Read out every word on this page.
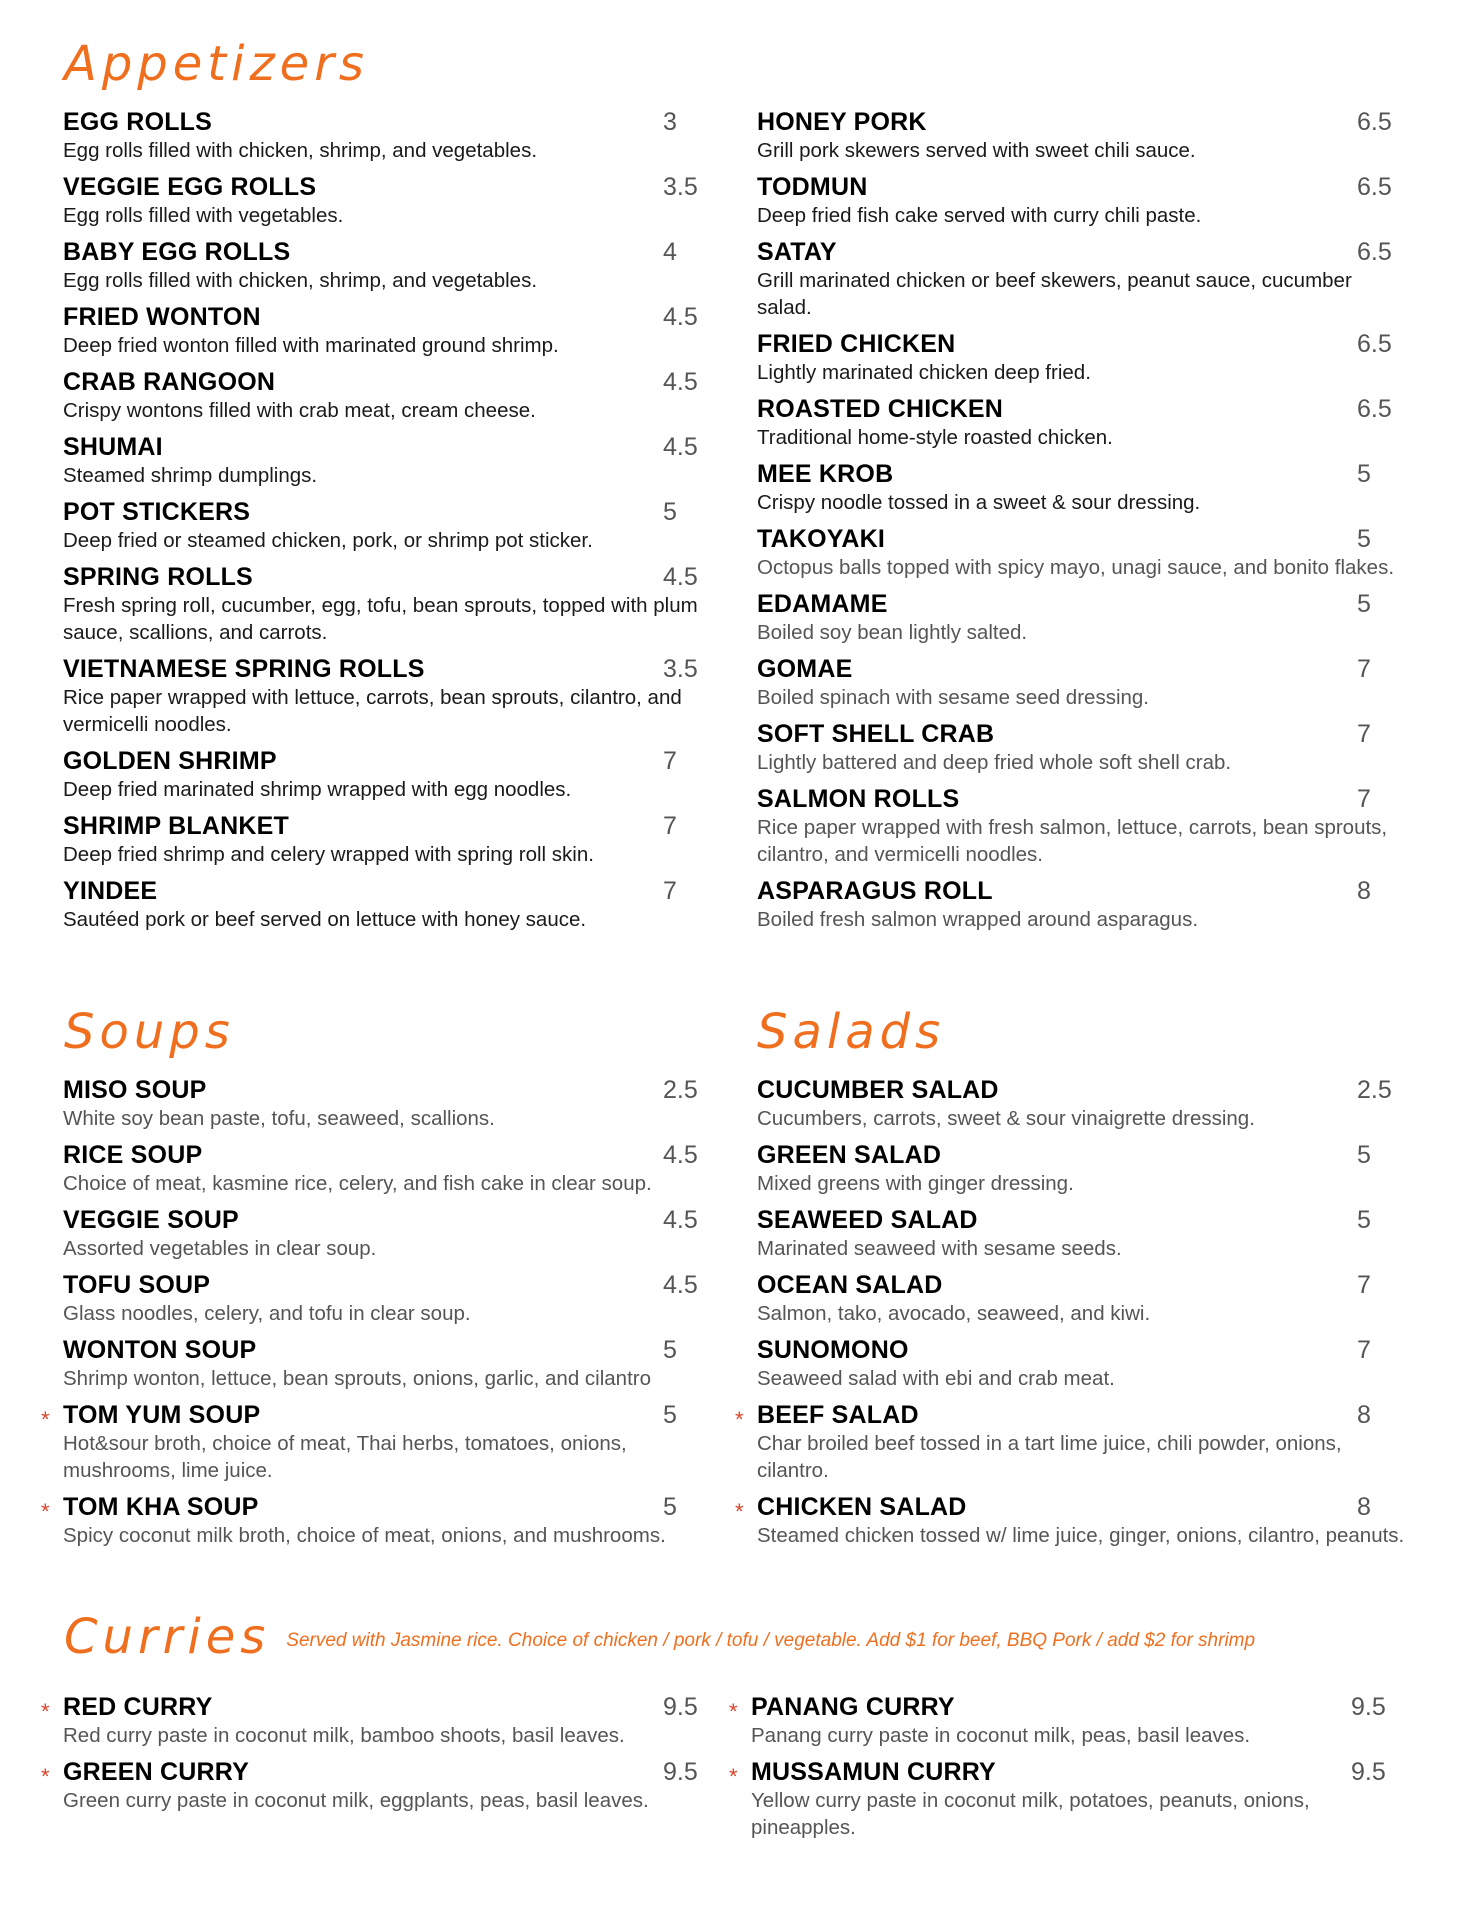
Appetizers
EGG ROLLS	3
Egg rolls filled with chicken, shrimp, and vegetables.
VEGGIE EGG ROLLS	3.5
Egg rolls filled with vegetables.
BABY EGG ROLLS	4
Egg rolls filled with chicken, shrimp, and vegetables.
FRIED WONTON	4.5
Deep fried wonton filled with marinated ground shrimp.
CRAB RANGOON	4.5
Crispy wontons filled with crab meat, cream cheese.
SHUMAI	4.5
Steamed shrimp dumplings.
POT STICKERS	5
Deep fried or steamed chicken, pork, or shrimp pot sticker.
SPRING ROLLS	4.5
Fresh spring roll, cucumber, egg, tofu, bean sprouts, topped with plum sauce, scallions, and carrots.
VIETNAMESE SPRING ROLLS	3.5
Rice paper wrapped with lettuce, carrots, bean sprouts, cilantro, and vermicelli noodles.
GOLDEN SHRIMP	7
Deep fried marinated shrimp wrapped with egg noodles.
SHRIMP BLANKET	7
Deep fried shrimp and celery wrapped with spring roll skin.
YINDEE	7
Sautéed pork or beef served on lettuce with honey sauce.
HONEY PORK	6.5
Grill pork skewers served with sweet chili sauce.
TODMUN	6.5
Deep fried fish cake served with curry chili paste.
SATAY	6.5
Grill marinated chicken or beef skewers, peanut sauce, cucumber salad.
FRIED CHICKEN	6.5
Lightly marinated chicken deep fried.
ROASTED CHICKEN	6.5
Traditional home-style roasted chicken.
MEE KROB	5
Crispy noodle tossed in a sweet & sour dressing.
TAKOYAKI	5
Octopus balls topped with spicy mayo, unagi sauce, and bonito flakes.
EDAMAME	5
Boiled soy bean lightly salted.
GOMAE	7
Boiled spinach with sesame seed dressing.
SOFT SHELL CRAB	7
Lightly battered and deep fried whole soft shell crab.
SALMON ROLLS	7
Rice paper wrapped with fresh salmon, lettuce, carrots, bean sprouts, cilantro, and vermicelli noodles.
ASPARAGUS ROLL	8
Boiled fresh salmon wrapped around asparagus.
Soups
MISO SOUP	2.5
White soy bean paste, tofu, seaweed, scallions.
RICE SOUP	4.5
Choice of meat, kasmine rice, celery, and fish cake in clear soup.
VEGGIE SOUP	4.5
Assorted vegetables in clear soup.
TOFU SOUP	4.5
Glass noodles, celery, and tofu in clear soup.
WONTON SOUP	5
Shrimp wonton, lettuce, bean sprouts, onions, garlic, and cilantro
* TOM YUM SOUP	5
Hot&sour broth, choice of meat, Thai herbs, tomatoes, onions, mushrooms, lime juice.
* TOM KHA SOUP	5
Spicy coconut milk broth, choice of meat, onions, and mushrooms.
Salads
CUCUMBER SALAD	2.5
Cucumbers, carrots, sweet & sour vinaigrette dressing.
GREEN SALAD	5
Mixed greens with ginger dressing.
SEAWEED SALAD	5
Marinated seaweed with sesame seeds.
OCEAN SALAD	7
Salmon, tako, avocado, seaweed, and kiwi.
SUNOMONO	7
Seaweed salad with ebi and crab meat.
* BEEF SALAD	8
Char broiled beef tossed in a tart lime juice, chili powder, onions, cilantro.
* CHICKEN SALAD	8
Steamed chicken tossed w/ lime juice, ginger, onions, cilantro, peanuts.
Curries Served with Jasmine rice. Choice of chicken / pork / tofu / vegetable. Add $1 for beef, BBQ Pork / add $2 for shrimp
* RED CURRY	9.5
Red curry paste in coconut milk, bamboo shoots, basil leaves.
* GREEN CURRY	9.5
Green curry paste in coconut milk, eggplants, peas, basil leaves.
* PANANG CURRY	9.5
Panang curry paste in coconut milk, peas, basil leaves.
* MUSSAMUN CURRY	9.5
Yellow curry paste in coconut milk, potatoes, peanuts, onions, pineapples.
